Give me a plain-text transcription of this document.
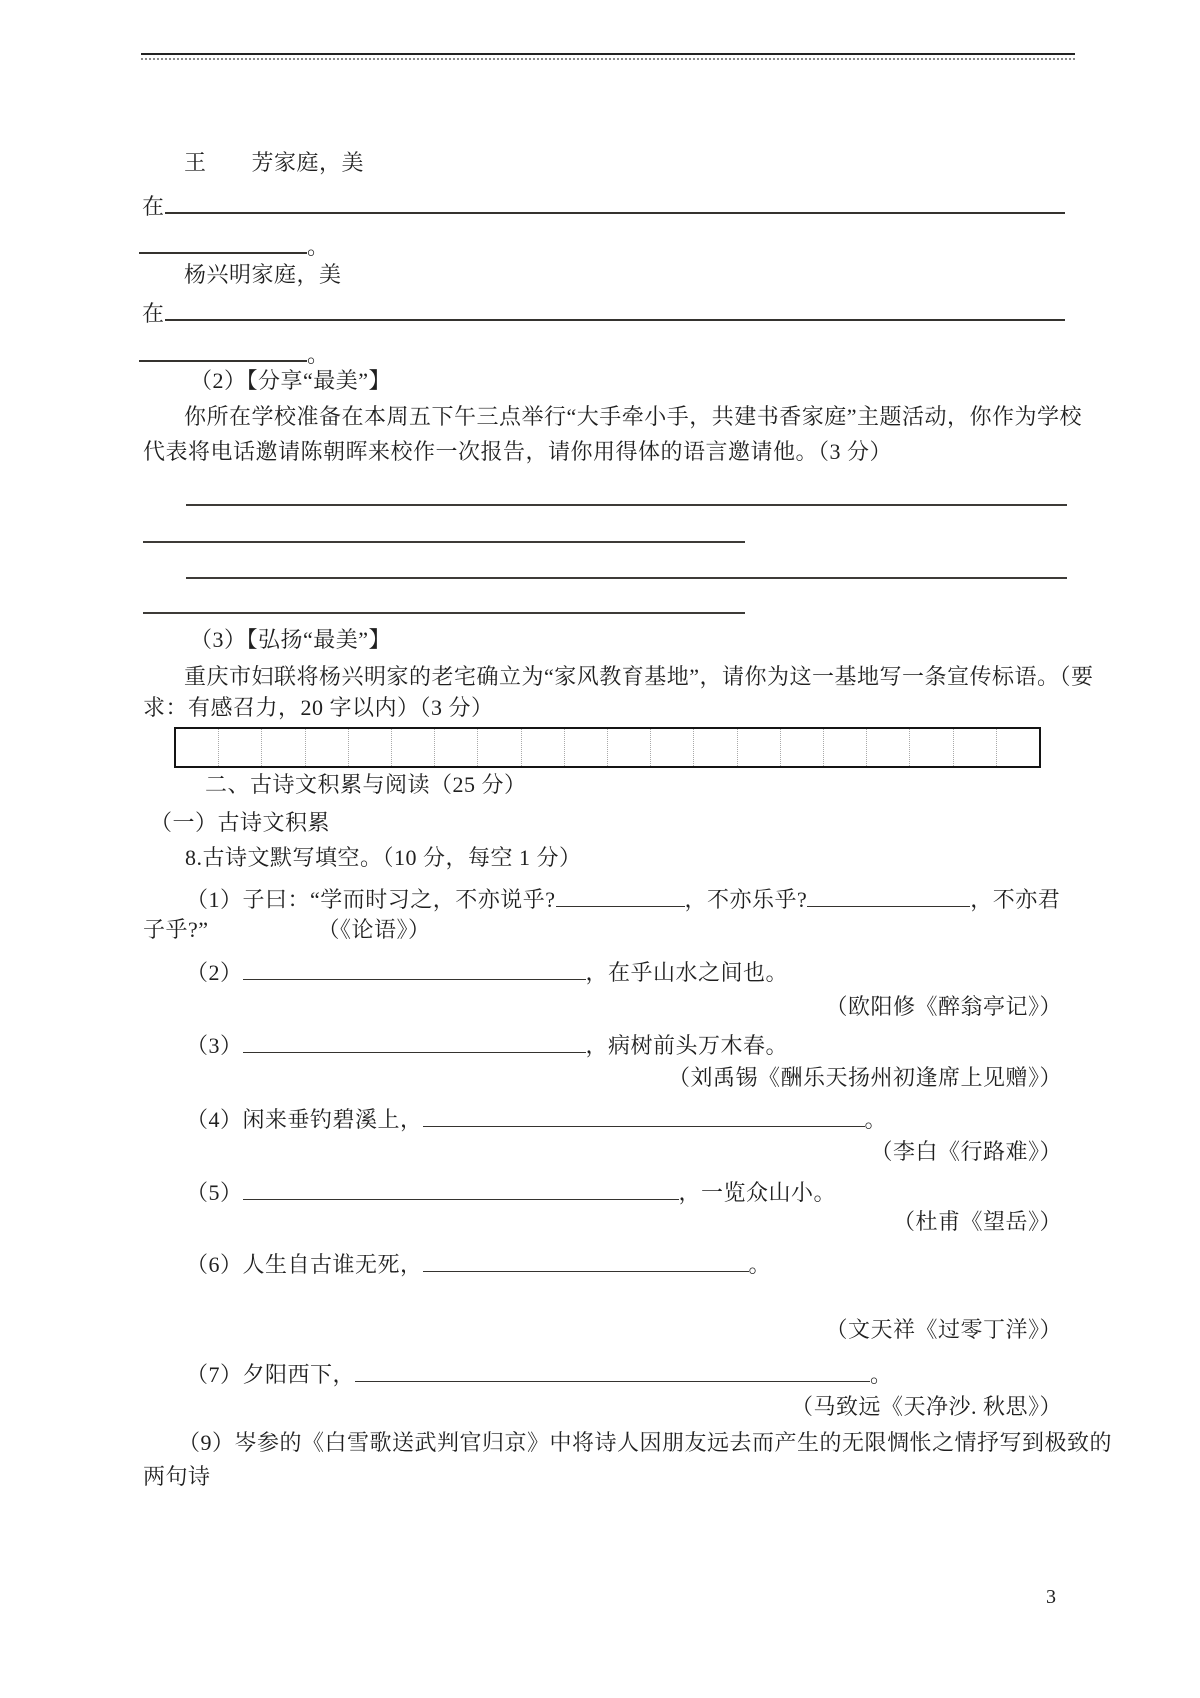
王　　芳家庭，美
在
。
杨兴明家庭，美
在
。
（2）【分享“最美”】
你所在学校准备在本周五下午三点举行“大手牵小手，共建书香家庭”主题活动，你作为学校
代表将电话邀请陈朝晖来校作一次报告，请你用得体的语言邀请他。（3 分）
（3）【弘扬“最美”】
重庆市妇联将杨兴明家的老宅确立为“家风教育基地”，请你为这一基地写一条宣传标语。（要
求：有感召力，20 字以内）（3 分）
二、古诗文积累与阅读（25 分）
（一）古诗文积累
8.古诗文默写填空。（10 分，每空 1 分）
（1）子曰：“学而时习之，不亦说乎?	，不亦乐乎?	，不亦君
子乎?”	（《论语》）
（2）	，在乎山水之间也。
（欧阳修《醉翁亭记》）
（3）	，病树前头万木春。
（刘禹锡《酬乐天扬州初逢席上见赠》）
（4）闲来垂钓碧溪上，	。
（李白《行路难》）
（5）	，一览众山小。
（杜甫《望岳》）
（6）人生自古谁无死，	。
（文天祥《过零丁洋》）
（7）夕阳西下，	。
（马致远《天净沙. 秋思》）
（9）岑参的《白雪歌送武判官归京》中将诗人因朋友远去而产生的无限惆怅之情抒写到极致的
两句诗
3
